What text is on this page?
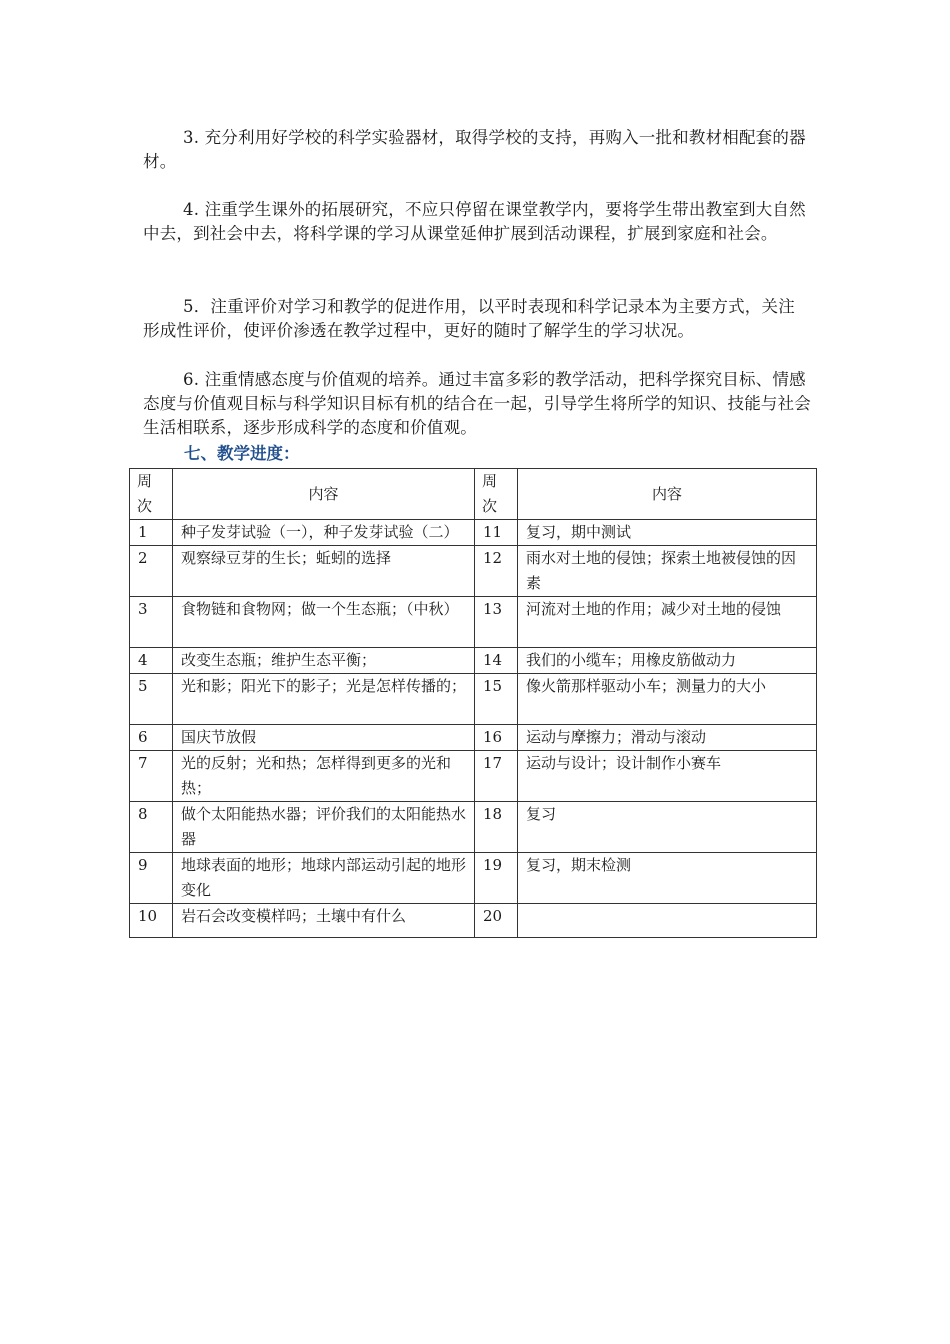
3. 充分利用好学校的科学实验器材，取得学校的支持，再购入一批和教材相配套的器材。

4. 注重学生课外的拓展研究，不应只停留在课堂教学内，要将学生带出教室到大自然中去，到社会中去，将科学课的学习从课堂延伸扩展到活动课程，扩展到家庭和社会。

5．注重评价对学习和教学的促进作用，以平时表现和科学记录本为主要方式，关注形成性评价，使评价渗透在教学过程中，更好的随时了解学生的学习状况。

6. 注重情感态度与价值观的培养。通过丰富多彩的教学活动，把科学探究目标、情感态度与价值观目标与科学知识目标有机的结合在一起，引导学生将所学的知识、技能与社会生活相联系，逐步形成科学的态度和价值观。

七、教学进度：
周次	内容	周次	内容
1	种子发芽试验（一），种子发芽试验（二）	11	复习，期中测试
2	观察绿豆芽的生长；蚯蚓的选择	12	雨水对土地的侵蚀；探索土地被侵蚀的因素
3	食物链和食物网；做一个生态瓶；（中秋）	13	河流对土地的作用；减少对土地的侵蚀
4	改变生态瓶；维护生态平衡；	14	我们的小缆车；用橡皮筋做动力
5	光和影；阳光下的影子；光是怎样传播的；	15	像火箭那样驱动小车；测量力的大小
6	国庆节放假	16	运动与摩擦力；滑动与滚动
7	光的反射；光和热；怎样得到更多的光和热；	17	运动与设计；设计制作小赛车
8	做个太阳能热水器；评价我们的太阳能热水器	18	复习
9	地球表面的地形；地球内部运动引起的地形变化	19	复习，期末检测
10	岩石会改变模样吗；土壤中有什么	20	
